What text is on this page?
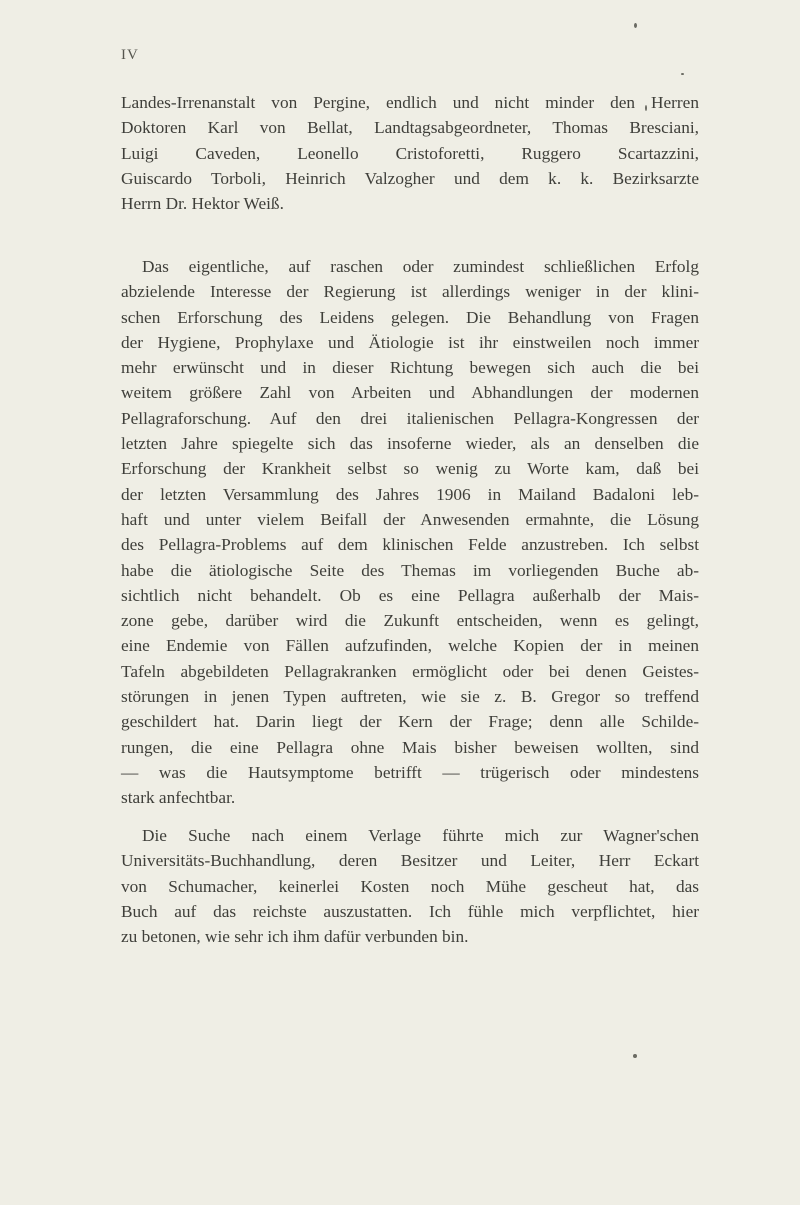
IV
Landes-Irrenanstalt von Pergine, endlich und nicht minder den Herren
Doktoren Karl von Bellat, Landtagsabgeordneter, Thomas Bresciani,
Luigi Caveden, Leonello Cristoforetti, Ruggero Scartazzini,
Guiscardo Torboli, Heinrich Valzogher und dem k. k. Bezirksarzte
Herrn Dr. Hektor Weiß.
Das eigentliche, auf raschen oder zumindest schließlichen Erfolg
abzielende Interesse der Regierung ist allerdings weniger in der klini-
schen Erforschung des Leidens gelegen. Die Behandlung von Fragen
der Hygiene, Prophylaxe und Ätiologie ist ihr einstweilen noch immer
mehr erwünscht und in dieser Richtung bewegen sich auch die bei
weitem größere Zahl von Arbeiten und Abhandlungen der modernen
Pellagraforschung. Auf den drei italienischen Pellagra-Kongressen der
letzten Jahre spiegelte sich das insoferne wieder, als an denselben die
Erforschung der Krankheit selbst so wenig zu Worte kam, daß bei
der letzten Versammlung des Jahres 1906 in Mailand Badaloni leb-
haft und unter vielem Beifall der Anwesenden ermahnte, die Lösung
des Pellagra-Problems auf dem klinischen Felde anzustreben. Ich selbst
habe die ätiologische Seite des Themas im vorliegenden Buche ab-
sichtlich nicht behandelt. Ob es eine Pellagra außerhalb der Mais-
zone gebe, darüber wird die Zukunft entscheiden, wenn es gelingt,
eine Endemie von Fällen aufzufinden, welche Kopien der in meinen
Tafeln abgebildeten Pellagrakranken ermöglicht oder bei denen Geistes-
störungen in jenen Typen auftreten, wie sie z. B. Gregor so treffend
geschildert hat. Darin liegt der Kern der Frage; denn alle Schilde-
rungen, die eine Pellagra ohne Mais bisher beweisen wollten, sind
— was die Hautsymptome betrifft — trügerisch oder mindestens
stark anfechtbar.
Die Suche nach einem Verlage führte mich zur Wagner'schen
Universitäts-Buchhandlung, deren Besitzer und Leiter, Herr Eckart
von Schumacher, keinerlei Kosten noch Mühe gescheut hat, das
Buch auf das reichste auszustatten. Ich fühle mich verpflichtet, hier
zu betonen, wie sehr ich ihm dafür verbunden bin.
